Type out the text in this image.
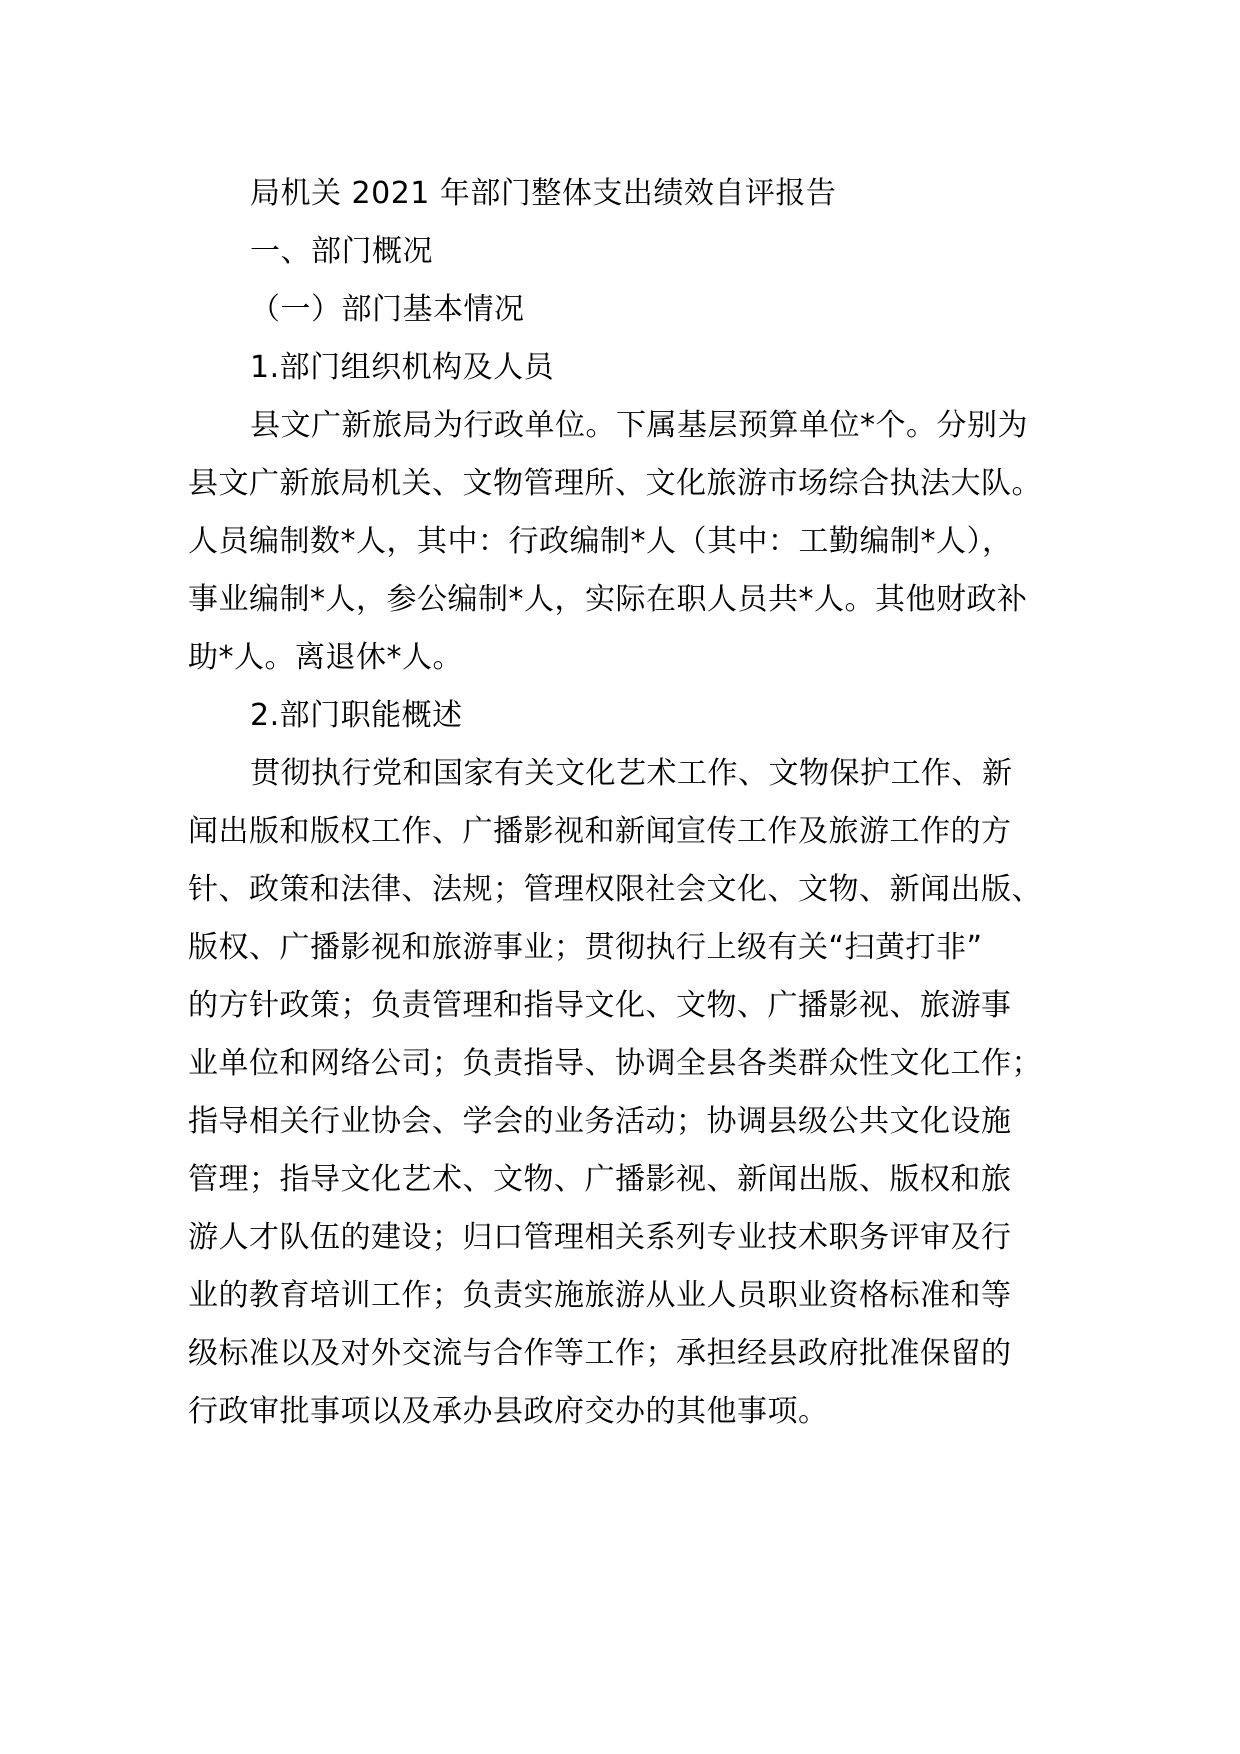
局机关 2021 年部门整体支出绩效自评报告
一、部门概况
（一）部门基本情况
1.部门组织机构及人员
县文广新旅局为行政单位。下属基层预算单位*个。分别为
县文广新旅局机关、文物管理所、文化旅游市场综合执法大队。
人员编制数*人，其中：行政编制*人（其中：工勤编制*人），
事业编制*人，参公编制*人，实际在职人员共*人。其他财政补
助*人。离退休*人。
2.部门职能概述
贯彻执行党和国家有关文化艺术工作、文物保护工作、新
闻出版和版权工作、广播影视和新闻宣传工作及旅游工作的方
针、政策和法律、法规；管理权限社会文化、文物、新闻出版、
版权、广播影视和旅游事业；贯彻执行上级有关“扫黄打非”
的方针政策；负责管理和指导文化、文物、广播影视、旅游事
业单位和网络公司；负责指导、协调全县各类群众性文化工作；
指导相关行业协会、学会的业务活动；协调县级公共文化设施
管理；指导文化艺术、文物、广播影视、新闻出版、版权和旅
游人才队伍的建设；归口管理相关系列专业技术职务评审及行
业的教育培训工作；负责实施旅游从业人员职业资格标准和等
级标准以及对外交流与合作等工作；承担经县政府批准保留的
行政审批事项以及承办县政府交办的其他事项。
